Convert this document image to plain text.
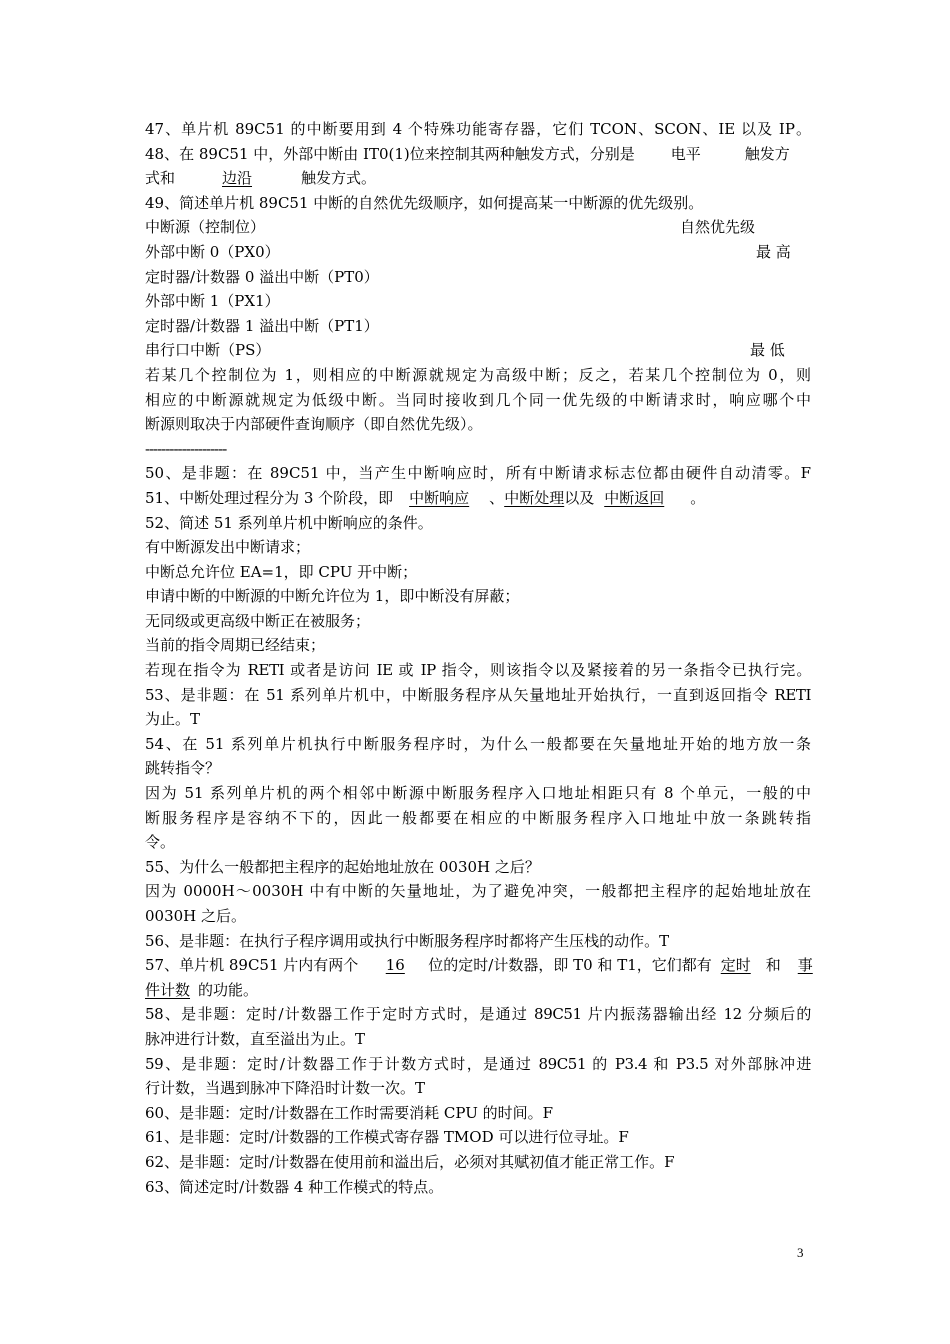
47、单片机 89C51 的中断要用到 4 个特殊功能寄存器，它们 TCON、SCON、IE 以及 IP。
48、在 89C51 中，外部中断由 IT0(1)位来控制其两种触发方式，分别是 电平	触发方
式和	边沿	触发方式。
49、简述单片机 89C51 中断的自然优先级顺序，如何提高某一中断源的优先级别。
中断源（控制位）	自然优先级
外部中断 0（PX0）	最 高
定时器/计数器 0 溢出中断（PT0）
外部中断 1（PX1）
定时器/计数器 1 溢出中断（PT1）
串行口中断（PS）	最 低
若某几个控制位为 1，则相应的中断源就规定为高级中断；反之，若某几个控制位为 0，则
相应的中断源就规定为低级中断。当同时接收到几个同一优先级的中断请求时，响应哪个中
断源则取决于内部硬件查询顺序（即自然优先级）。
--------------------
50、是非题：在 89C51 中，当产生中断响应时，所有中断请求标志位都由硬件自动清零。F
51、中断处理过程分为 3 个阶段，即 中断响应 、中断处理以及 中断返回 。
52、简述 51 系列单片机中断响应的条件。
有中断源发出中断请求；
中断总允许位 EA=1，即 CPU 开中断；
申请中断的中断源的中断允许位为 1，即中断没有屏蔽；
无同级或更高级中断正在被服务；
当前的指令周期已经结束；
若现在指令为 RETI 或者是访问 IE 或 IP 指令，则该指令以及紧接着的另一条指令已执行完。
53、是非题：在 51 系列单片机中，中断服务程序从矢量地址开始执行，一直到返回指令 RETI
为止。T
54、在 51 系列单片机执行中断服务程序时，为什么一般都要在矢量地址开始的地方放一条
跳转指令？
因为 51 系列单片机的两个相邻中断源中断服务程序入口地址相距只有 8 个单元，一般的中
断服务程序是容纳不下的，因此一般都要在相应的中断服务程序入口地址中放一条跳转指
令。
55、为什么一般都把主程序的起始地址放在 0030H 之后？
因为 0000H～0030H 中有中断的矢量地址，为了避免冲突，一般都把主程序的起始地址放在
0030H 之后。
56、是非题：在执行子程序调用或执行中断服务程序时都将产生压栈的动作。T
57、单片机 89C51 片内有两个 16 位的定时/计数器，即 T0 和 T1，它们都有 定时 和 事
件计数 的功能。
58、是非题：定时/计数器工作于定时方式时，是通过 89C51 片内振荡器输出经 12 分频后的
脉冲进行计数，直至溢出为止。T
59、是非题：定时/计数器工作于计数方式时，是通过 89C51 的 P3.4 和 P3.5 对外部脉冲进
行计数，当遇到脉冲下降沿时计数一次。T
60、是非题：定时/计数器在工作时需要消耗 CPU 的时间。F
61、是非题：定时/计数器的工作模式寄存器 TMOD 可以进行位寻址。F
62、是非题：定时/计数器在使用前和溢出后，必须对其赋初值才能正常工作。F
63、简述定时/计数器 4 种工作模式的特点。
3
